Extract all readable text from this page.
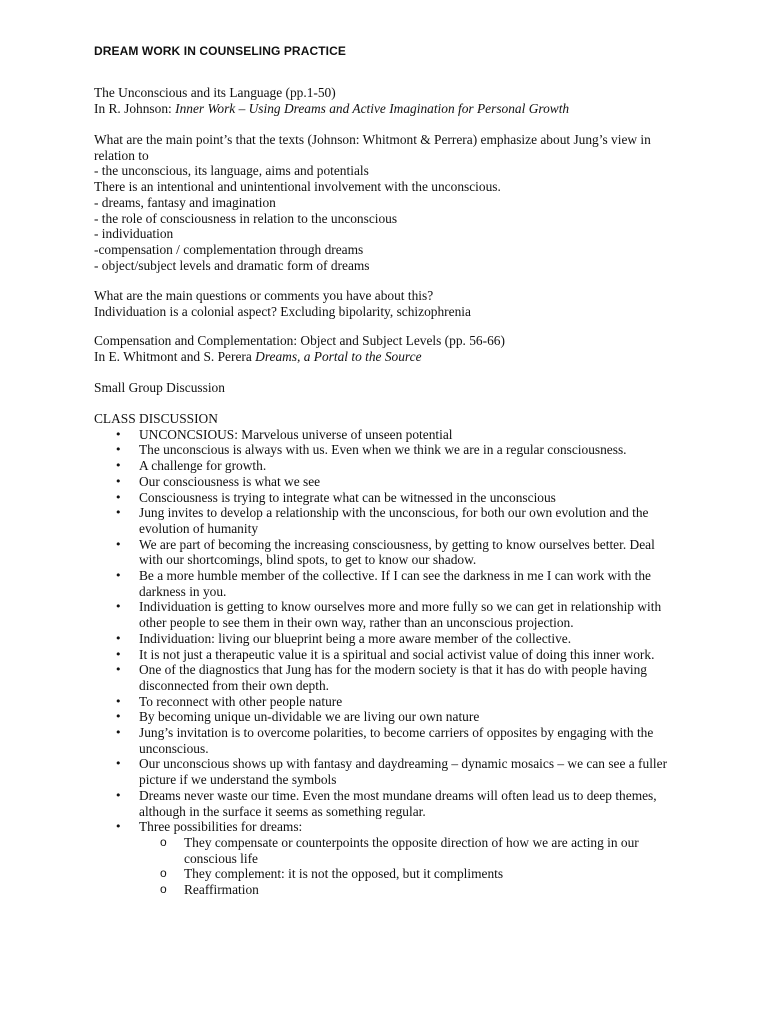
DREAM WORK IN COUNSELING PRACTICE

The Unconscious and its Language (pp.1-50)

In R. Johnson: Inner Work – Using Dreams and Active Imagination for Personal Growth

What are the main point’s that the texts (Johnson: Whitmont & Perrera) emphasize about Jung’s view in relation to

- the unconscious, its language, aims and potentials

There is an intentional and unintentional involvement with the unconscious.

- dreams, fantasy and imagination

- the role of consciousness in relation to the unconscious

- individuation

-compensation / complementation through dreams

- object/subject levels and dramatic form of dreams

What are the main questions or comments you have about this?

Individuation is a colonial aspect? Excluding bipolarity, schizophrenia

Compensation and Complementation: Object and Subject Levels (pp. 56-66)

In E. Whitmont and S. Perera Dreams, a Portal to the Source

Small Group Discussion

CLASS DISCUSSION

• UNCONCSIOUS: Marvelous universe of unseen potential
• The unconscious is always with us. Even when we think we are in a regular consciousness.
• A challenge for growth.
• Our consciousness is what we see
• Consciousness is trying to integrate what can be witnessed in the unconscious
• Jung invites to develop a relationship with the unconscious, for both our own evolution and the evolution of humanity
• We are part of becoming the increasing consciousness, by getting to know ourselves better. Deal with our shortcomings, blind spots, to get to know our shadow.
• Be a more humble member of the collective. If I can see the darkness in me I can work with the darkness in you.
• Individuation is getting to know ourselves more and more fully so we can get in relationship with other people to see them in their own way, rather than an unconscious projection.
• Individuation: living our blueprint being a more aware member of the collective.
• It is not just a therapeutic value it is a spiritual and social activist value of doing this inner work.
• One of the diagnostics that Jung has for the modern society is that it has do with people having disconnected from their own depth.
• To reconnect with other people nature
• By becoming unique un-dividable we are living our own nature
• Jung’s invitation is to overcome polarities, to become carriers of opposites by engaging with the unconscious.
• Our unconscious shows up with fantasy and daydreaming – dynamic mosaics – we can see a fuller picture if we understand the symbols
• Dreams never waste our time. Even the most mundane dreams will often lead us to deep themes, although in the surface it seems as something regular.
• Three possibilities for dreams:
o They compensate or counterpoints the opposite direction of how we are acting in our conscious life
o They complement: it is not the opposed, but it compliments
o Reaffirmation
